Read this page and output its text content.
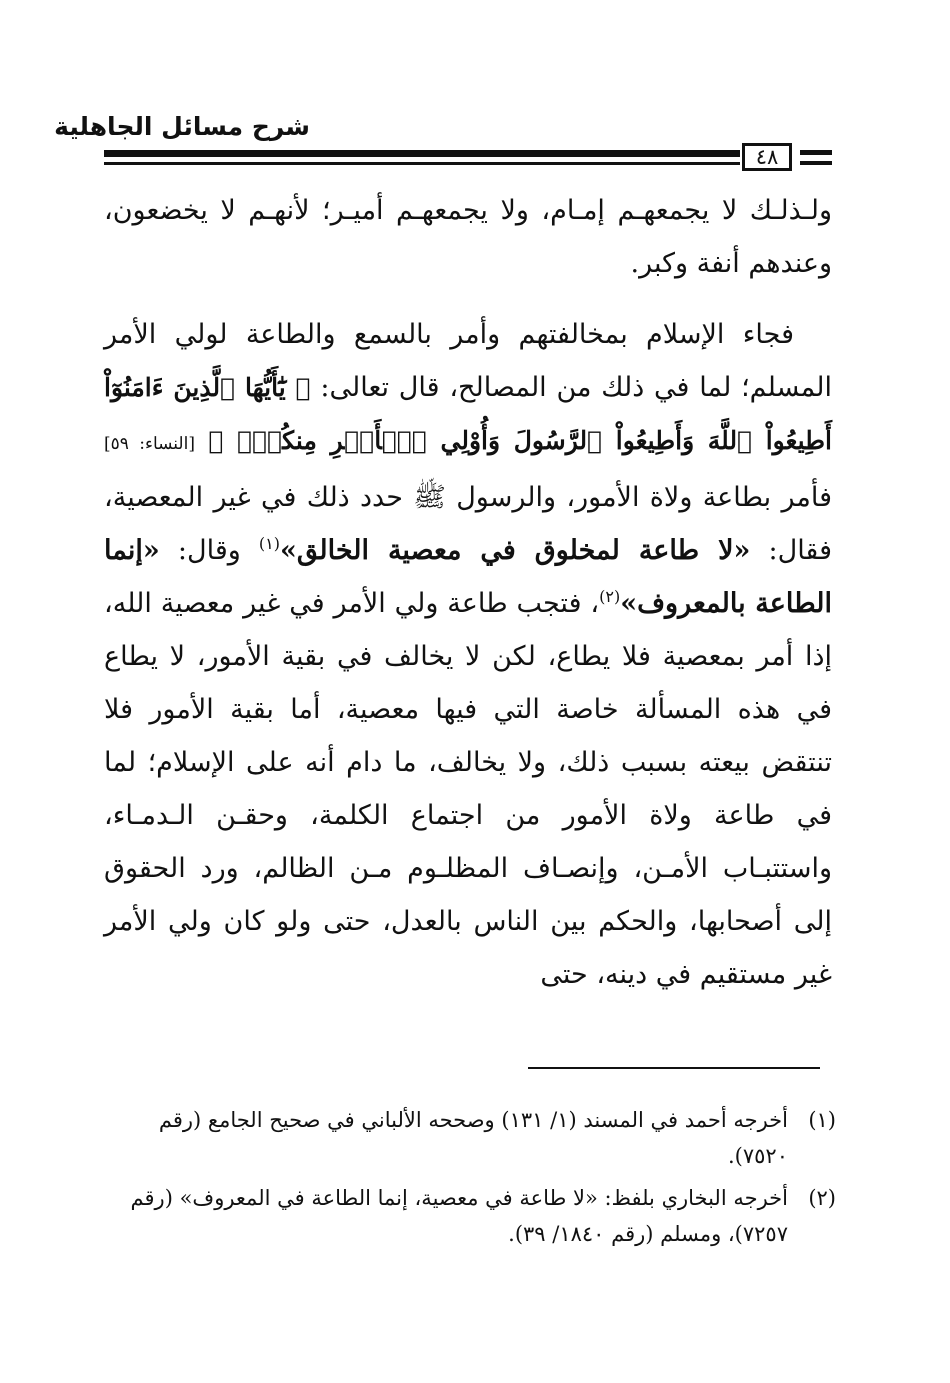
شرح مسائل الجاهلية
٤٨

ولـذلـك لا يجمعهـم إمـام، ولا يجمعهـم أميـر؛ لأنهـم لا يخضعون، وعندهم أنفة وكبر.

فجاء الإسلام بمخالفتهم وأمر بالسمع والطاعة لولي الأمر المسلم؛ لما في ذلك من المصالح، قال تعالى: ﴿ يَٰٓأَيُّهَا ٱلَّذِينَ ءَامَنُوٓاْ أَطِيعُواْ ٱللَّهَ وَأَطِيعُواْ ٱلرَّسُولَ وَأُوْلِي ٱلۡأَمۡرِ مِنكُمۡۖ ﴾ [النساء: ٥٩] فأمر بطاعة ولاة الأمور، والرسول ﷺ حدد ذلك في غير المعصية، فقال: «لا طاعة لمخلوق في معصية الخالق»$^{(١)}$ وقال: «إنما الطاعة بالمعروف»$^{(٢)}$، فتجب طاعة ولي الأمر في غير معصية الله، إذا أمر بمعصية فلا يطاع، لكن لا يخالف في بقية الأمور، لا يطاع في هذه المسألة خاصة التي فيها معصية، أما بقية الأمور فلا تنتقض بيعته بسبب ذلك، ولا يخالف، ما دام أنه على الإسلام؛ لما في طاعة ولاة الأمور من اجتماع الكلمة، وحقـن الـدمـاء، واستتبـاب الأمـن، وإنصـاف المظلـوم مـن الظالم، ورد الحقوق إلى أصحابها، والحكم بين الناس بالعدل، حتى ولو كان ولي الأمر غير مستقيم في دينه، حتى

(١)
أخرجه أحمد في المسند (١/ ١٣١) وصححه الألباني في صحيح الجامع (رقم ٧٥٢٠).
(٢)
أخرجه البخاري بلفظ: «لا طاعة في معصية، إنما الطاعة في المعروف» (رقم ٧٢٥٧)، ومسلم (رقم ١٨٤٠/ ٣٩).
